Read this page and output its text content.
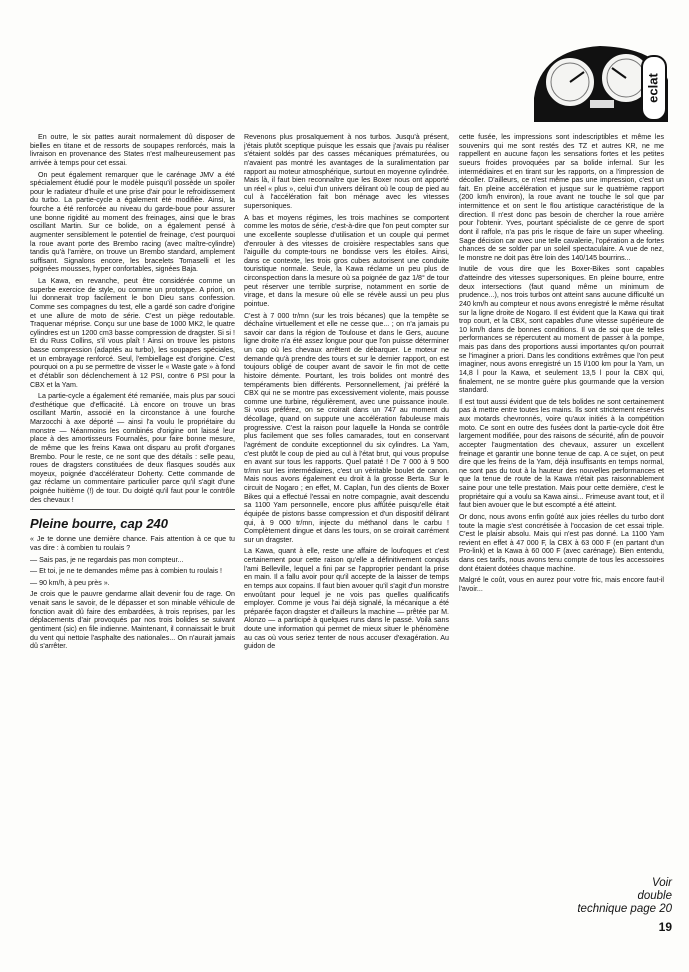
eclat

En outre, le six pattes aurait normalement dû disposer de bielles en titane et de ressorts de soupapes renforcés, mais la livraison en provenance des States n'est malheureusement pas arrivée à temps pour cet essai.

On peut également remarquer que le carénage JMV a été spécialement étudié pour le modèle puisqu'il possède un spoiler pour le radiateur d'huile et une prise d'air pour le refroidissement du turbo. La partie-cycle a également été modifiée. Ainsi, la fourche a été renforcée au niveau du garde-boue pour assurer une bonne rigidité au moment des freinages, ainsi que le bras oscillant Martin. Sur ce bolide, on a également pensé à augmenter sensiblement le potentiel de freinage, c'est pourquoi la roue avant porte des Brembo racing (avec maître-cylindre) tandis qu'à l'arrière, on trouve un Brembo standard, amplement suffisant. Signalons encore, les bracelets Tomaselli et les poignées mousses, hyper confortables, signées Baja.

La Kawa, en revanche, peut être considérée comme un superbe exercice de style, ou comme un prototype. A priori, on lui donnerait trop facilement le bon Dieu sans confession. Comme ses compagnes du test, elle a gardé son cadre d'origine et une allure de moto de série. C'est un piège redoutable. Traquenar méprise. Conçu sur une base de 1000 MK2, le quatre cylindres est un 1200 cm3 basse compression de dragster. Si si ! Et du Russ Collins, s'il vous plaît ! Ainsi on trouve les pistons basse compression (adaptés au turbo), les soupapes spéciales, et un embrayage renforcé. Seul, l'embiellage est d'origine. C'est pourquoi on a pu se permettre de visser le « Waste gate » à fond et d'établir son déclenchement à 12 PSI, contre 6 PSI pour la CBX et la Yam.

La partie-cycle a également été remaniée, mais plus par souci d'esthétique que d'efficacité. Là encore on trouve un bras oscillant Martin, associé en la circonstance à une fourche Marzocchi à axe déporté — ainsi l'a voulu le propriétaire du monstre — Néanmoins les combinés d'origine ont laissé leur place à des amortisseurs Fournalès, pour faire bonne mesure, de même que les freins Kawa ont disparu au profit d'organes Brembo. Pour le reste, ce ne sont que des détails : selle peau, roues de dragsters constituées de deux flasques soudés aux moyeux, poignée d'accélérateur Doherty. Cette commande de gaz réclame un commentaire particulier parce qu'il s'agit d'une poignée huitième (!) de tour. Du doigté qu'il faut pour le contrôle des chevaux !

Pleine bourre, cap 240

« Je te donne une dernière chance. Fais attention à ce que tu vas dire : à combien tu roulais ?

— Sais pas, je ne regardais pas mon compteur...

— Et toi, je ne te demandes même pas à combien tu roulais !

— 90 km/h, à peu près ».

Je crois que le pauvre gendarme allait devenir fou de rage. On venait sans le savoir, de le dépasser et son minable véhicule de fonction avait dû faire des embardées, à trois reprises, par les déplacements d'air provoqués par nos trois bolides se suivant gentiment (sic) en file indienne. Maintenant, il connaissait le bruit du vent qui nettoie l'asphalte des nationales... On n'aurait jamais dû s'arrêter.

Revenons plus prosaïquement à nos turbos. Jusqu'à présent, j'étais plutôt sceptique puisque les essais que j'avais pu réaliser s'étaient soldés par des casses mécaniques prématurées, ou n'avaient pas montré les avantages de la suralimentation par rapport au moteur atmosphérique, surtout en moyenne cylindrée. Mais là, il faut bien reconnaître que les Boxer nous ont apporté un réel « plus », celui d'un univers délirant où le coup de pied au cul à l'accélération fait bon ménage avec les vitesses supersoniques.

A bas et moyens régimes, les trois machines se comportent comme les motos de série, c'est-à-dire que l'on peut compter sur une excellente souplesse d'utilisation et un couple qui permet d'enrouler à des vitesses de croisière respectables sans que l'aiguille du compte-tours ne bondisse vers les étoiles. Ainsi, dans ce contexte, les trois gros cubes autorisent une conduite touristique normale. Seule, la Kawa réclame un peu plus de circonspection dans la mesure où sa poignée de gaz 1/8° de tour peut réserver une terrible surprise, notamment en sortie de virage, et dans la mesure où elle se révèle aussi un peu plus pointue.

C'est à 7 000 tr/mn (sur les trois bécanes) que la tempête se déchaîne virtuellement et elle ne cesse que... ; on n'a jamais pu savoir car dans la région de Toulouse et dans le Gers, aucune ligne droite n'a été assez longue pour que l'on puisse déterminer un cap où les chevaux arrêtent de débarquer. Le moteur ne demande qu'à prendre des tours et sur le dernier rapport, on est toujours obligé de couper avant de savoir le fin mot de cette histoire démente. Pourtant, les trois bolides ont montré des tempéraments bien différents. Personnellement, j'ai préféré la CBX qui ne se montre pas excessivement violente, mais pousse comme une turbine, régulièrement, avec une puissance inouïe. Si vous préférez, on se croirait dans un 747 au moment du décollage, quand on suppute une accélération fabuleuse mais progressive. C'est la raison pour laquelle la Honda se contrôle plus facilement que ses folles camarades, tout en conservant l'agrément de conduite exceptionnel du six cylindres. La Yam, c'est plutôt le coup de pied au cul à l'état brut, qui vous propulse en avant sur tous les rapports. Quel pataté ! De 7 000 à 9 500 tr/mn sur les intermédiaires, c'est un véritable boulet de canon. Mais nous avons également eu droit à la grosse Berta. Sur le circuit de Nogaro ; en effet, M. Caplan, l'un des clients de Boxer Bikes qui a effectué l'essai en notre compagnie, avait descendu sa 1100 Yam personnelle, encore plus affûtée puisqu'elle était équipée de pistons basse compression et d'un dispositif délirant qui, à 9 000 tr/mn, injecte du méthanol dans le carbu ! Complètement dingue et dans les tours, on se croirait carrément sur un dragster.

La Kawa, quant à elle, reste une affaire de loufoques et c'est certainement pour cette raison qu'elle a définitivement conquis l'ami Belleville, lequel a fini par se l'approprier pendant la prise en main. Il a fallu avoir pour qu'il accepte de la laisser de temps en temps aux copains. Il faut bien avouer qu'il s'agit d'un monstre envoûtant pour lequel je ne vois pas quelles qualificatifs employer. Comme je vous l'ai déjà signalé, la mécanique a été préparée façon dragster et d'ailleurs la machine — prêtée par M. Alonzo — a participé à quelques runs dans le passé. Voilà sans doute une information qui permet de mieux situer le phénomène au cas où vous seriez tenter de nous accuser d'exagération. Au guidon de

cette fusée, les impressions sont indescriptibles et même les souvenirs qui me sont restés des TZ et autres KR, ne me rappellent en aucune façon les sensations fortes et les petites sueurs froides provoquées par sa bolide infernal. Sur les intermédiaires et en tirant sur les rapports, on a l'impression de décoller. D'ailleurs, ce n'est même pas une impression, c'est un fait. En pleine accélération et jusque sur le quatrième rapport (200 km/h environ), la roue avant ne touche le sol que par intermittence et on sent le flou artistique caractéristique de la direction. Il n'est donc pas besoin de chercher la roue arrière pour l'obtenir. Yves, pourtant spécialiste de ce genre de sport dont il raffole, n'a pas pris le risque de faire un super wheeling. Sage décision car avec une telle cavalerie, l'opération a de fortes chances de se solder par un soleil spectaculaire. A vue de nez, le monstre ne doit pas être loin des 140/145 bourrins...

Inutile de vous dire que les Boxer-Bikes sont capables d'atteindre des vitesses supersoniques. En pleine bourre, entre deux intersections (faut quand même un minimum de prudence...), nos trois turbos ont atteint sans aucune difficulté un 240 km/h au compteur et nous avons enregistré le même résultat sur la ligne droite de Nogaro. Il est évident que la Kawa qui tirait trop court, et la CBX, sont capables d'une vitesse supérieure de 10 km/h dans de bonnes conditions. Il va de soi que de telles performances se répercutent au moment de passer à la pompe, mais pas dans des proportions aussi importantes qu'on pourrait se l'imaginer a priori. Dans les conditions extrêmes que l'on peut imaginer, nous avons enregistré un 15 l/100 km pour la Yam, un 14,8 l pour la Kawa, et seulement 13,5 l pour la CBX qui, finalement, ne se montre guère plus gourmande que la version standard.

Il est tout aussi évident que de tels bolides ne sont certainement pas à mettre entre toutes les mains. Ils sont strictement réservés aux motards chevronnés, voire qu'aux initiés à la compétition moto. Ce sont en outre des fusées dont la partie-cycle doit être largement modifiée, pour des raisons de sécurité, afin de pouvoir accepter l'augmentation des chevaux, assurer un excellent freinage et garantir une bonne tenue de cap. A ce sujet, on peut dire que les freins de la Yam, déjà insuffisants en temps normal, ne sont pas du tout à la hauteur des nouvelles performances et que la tenue de route de la Kawa n'était pas raisonnablement saine pour une telle prestation. Mais pour cette dernière, c'est le propriétaire qui a voulu sa Kawa ainsi... Frimeuse avant tout, et il faut bien avouer que le but escompté a été atteint.

Or donc, nous avons enfin goûté aux joies réelles du turbo dont toute la magie s'est concrétisée à l'occasion de cet essai triple. C'est le plaisir absolu. Mais qui n'est pas donné. La 1100 Yam revient en effet à 47 000 F, la CBX à 63 000 F (en partant d'un Pro-link) et la Kawa à 60 000 F (avec carénage). Bien entendu, dans ces tarifs, nous avons tenu compte de tous les accessoires dont étaient dotées chaque machine.

Malgré le coût, vous en aurez pour votre fric, mais encore faut-il l'avoir...

Voir
double
technique page 20
19
